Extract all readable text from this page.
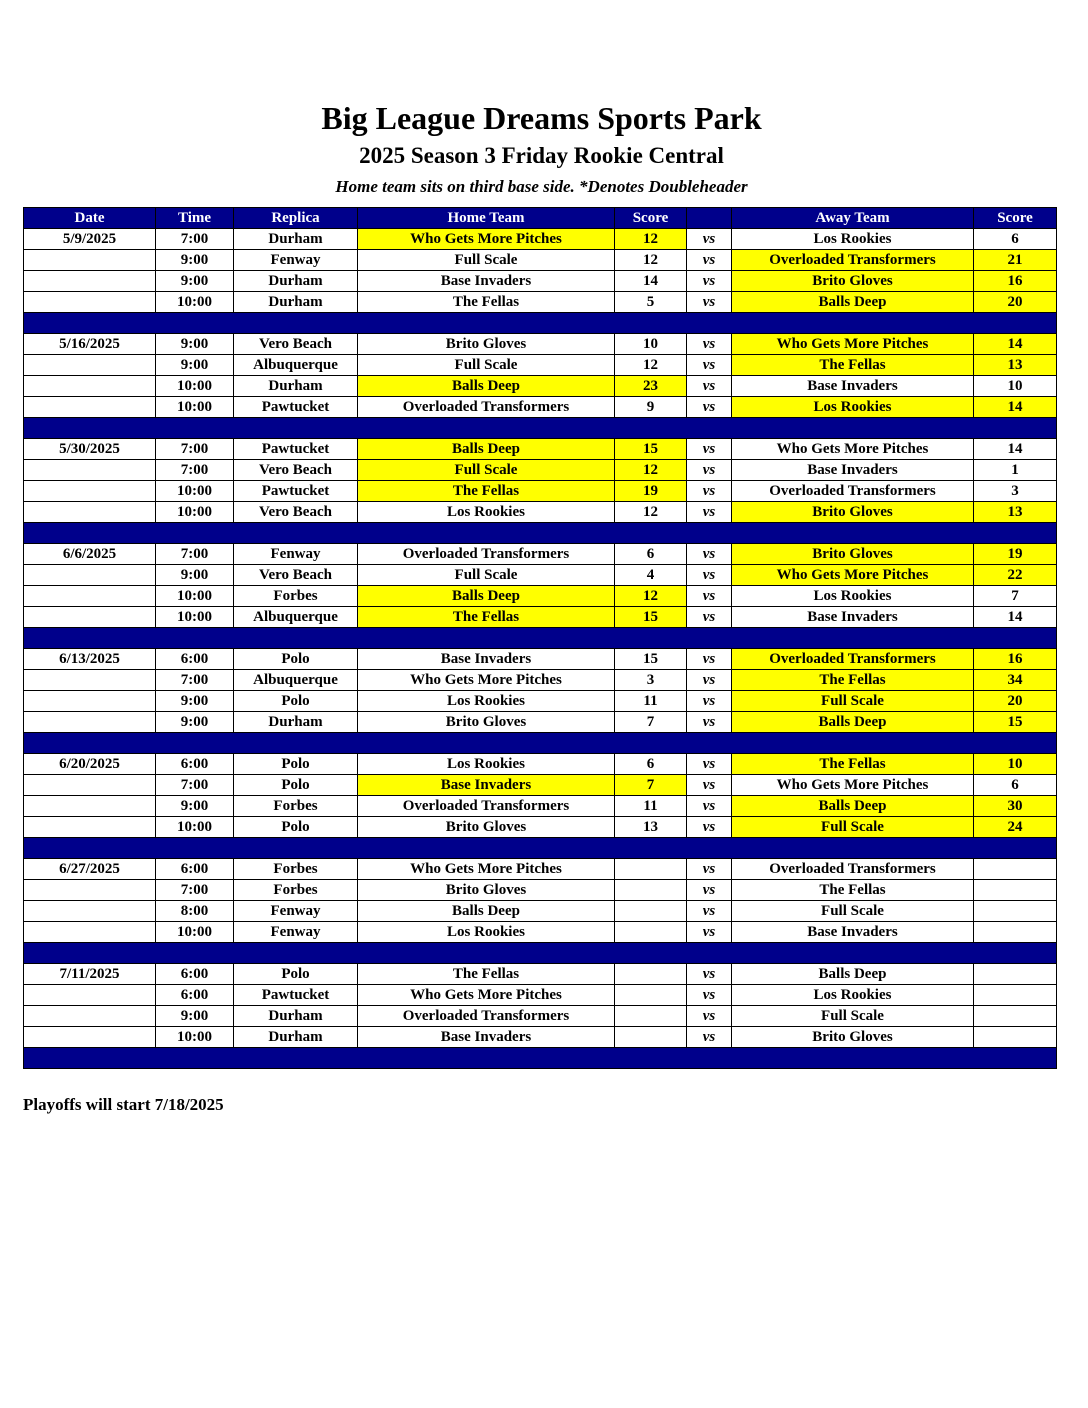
Big League Dreams Sports Park
2025 Season 3 Friday Rookie Central
Home team sits on third base side. *Denotes Doubleheader
Date	Time	Replica	Home Team	Score		Away Team	Score
5/9/2025	7:00	Durham	Who Gets More Pitches	12	vs	Los Rookies	6
	9:00	Fenway	Full Scale	12	vs	Overloaded Transformers	21
	9:00	Durham	Base Invaders	14	vs	Brito Gloves	16
	10:00	Durham	The Fellas	5	vs	Balls Deep	20

5/16/2025	9:00	Vero Beach	Brito Gloves	10	vs	Who Gets More Pitches	14
	9:00	Albuquerque	Full Scale	12	vs	The Fellas	13
	10:00	Durham	Balls Deep	23	vs	Base Invaders	10
	10:00	Pawtucket	Overloaded Transformers	9	vs	Los Rookies	14

5/30/2025	7:00	Pawtucket	Balls Deep	15	vs	Who Gets More Pitches	14
	7:00	Vero Beach	Full Scale	12	vs	Base Invaders	1
	10:00	Pawtucket	The Fellas	19	vs	Overloaded Transformers	3
	10:00	Vero Beach	Los Rookies	12	vs	Brito Gloves	13

6/6/2025	7:00	Fenway	Overloaded Transformers	6	vs	Brito Gloves	19
	9:00	Vero Beach	Full Scale	4	vs	Who Gets More Pitches	22
	10:00	Forbes	Balls Deep	12	vs	Los Rookies	7
	10:00	Albuquerque	The Fellas	15	vs	Base Invaders	14

6/13/2025	6:00	Polo	Base Invaders	15	vs	Overloaded Transformers	16
	7:00	Albuquerque	Who Gets More Pitches	3	vs	The Fellas	34
	9:00	Polo	Los Rookies	11	vs	Full Scale	20
	9:00	Durham	Brito Gloves	7	vs	Balls Deep	15

6/20/2025	6:00	Polo	Los Rookies	6	vs	The Fellas	10
	7:00	Polo	Base Invaders	7	vs	Who Gets More Pitches	6
	9:00	Forbes	Overloaded Transformers	11	vs	Balls Deep	30
	10:00	Polo	Brito Gloves	13	vs	Full Scale	24

6/27/2025	6:00	Forbes	Who Gets More Pitches		vs	Overloaded Transformers	
	7:00	Forbes	Brito Gloves		vs	The Fellas	
	8:00	Fenway	Balls Deep		vs	Full Scale	
	10:00	Fenway	Los Rookies		vs	Base Invaders	

7/11/2025	6:00	Polo	The Fellas		vs	Balls Deep	
	6:00	Pawtucket	Who Gets More Pitches		vs	Los Rookies	
	9:00	Durham	Overloaded Transformers		vs	Full Scale	
	10:00	Durham	Base Invaders		vs	Brito Gloves	

Playoffs will start 7/18/2025
